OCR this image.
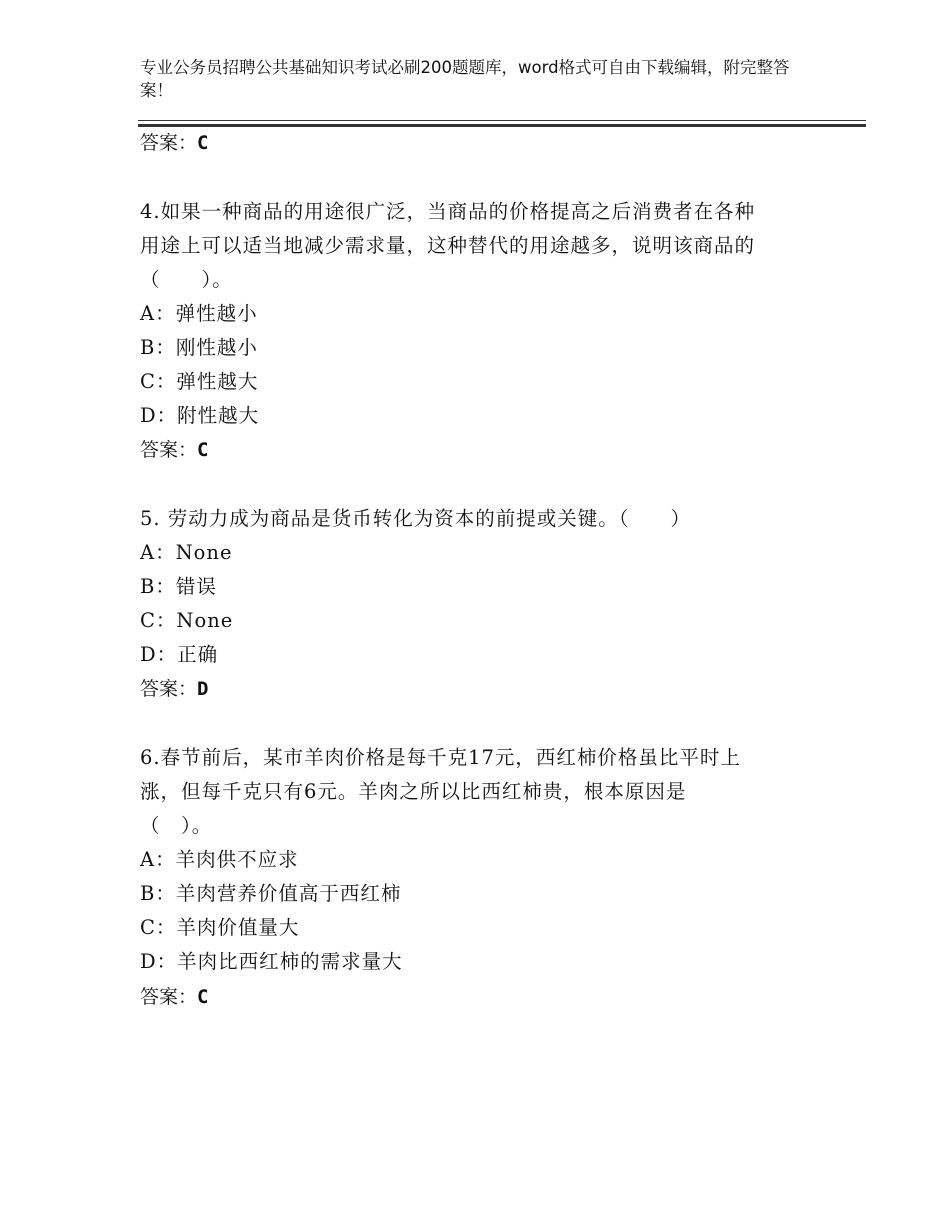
专业公务员招聘公共基础知识考试必刷200题题库，word格式可自由下载编辑，附完整答案！
答案：C

4.如果一种商品的用途很广泛，当商品的价格提高之后消费者在各种

用途上可以适当地减少需求量，这种替代的用途越多，说明该商品的

（　　）。

A：弹性越小

B：刚性越小

C：弹性越大

D：附性越大

答案：C

5. 劳动力成为商品是货币转化为资本的前提或关键。（　　）

A：None

B：错误

C：None

D：正确

答案：D

6.春节前后，某市羊肉价格是每千克17元，西红柿价格虽比平时上

涨，但每千克只有6元。羊肉之所以比西红柿贵，根本原因是

（　）。

A：羊肉供不应求

B：羊肉营养价值高于西红柿

C：羊肉价值量大

D：羊肉比西红柿的需求量大

答案：C
